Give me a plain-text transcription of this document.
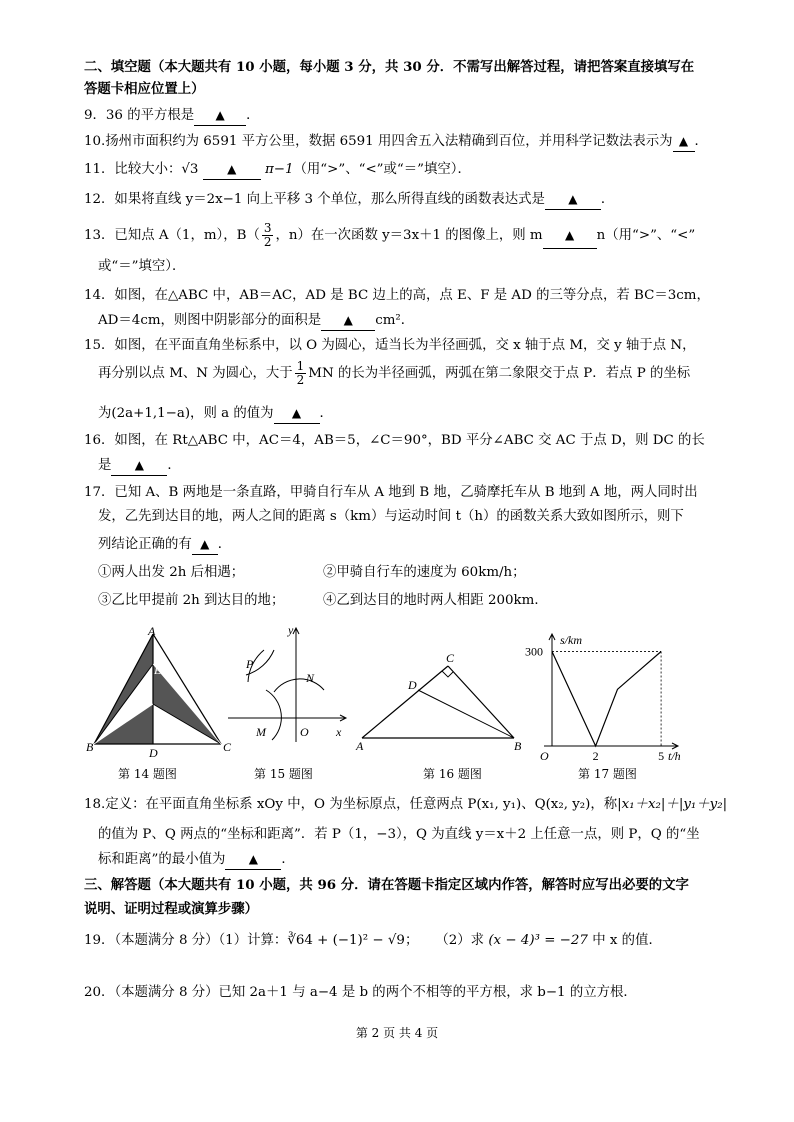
二、填空题（本大题共有 10 小题，每小题 3 分，共 30 分．不需写出解答过程，请把答案直接填写在
答题卡相应位置上）
9．36 的平方根是 ▲ ．
10.扬州市面积约为 6591 平方公里，数据 6591 用四舍五入法精确到百位，并用科学记数法表示为 ▲ ．
11．比较大小：√3 ▲ π−1（用“>”、“<”或“＝”填空）．
12．如果将直线 y＝2x−1 向上平移 3 个单位，那么所得直线的函数表达式是 ▲ ．
13．已知点 A（1，m），$B( \frac{3}{2}$ ，n）在一次函数 y＝3x＋1 的图像上，则 m ▲ n（用“>”、“<”
或“＝”填空）．
14．如图，在△ABC 中，AB＝AC，AD 是 BC 边上的高，点 E、F 是 AD 的三等分点，若 BC＝3cm，
AD＝4cm，则图中阴影部分的面积是 ▲ cm²．
15．如图，在平面直角坐标系中，以 O 为圆心，适当长为半径画弧，交 x 轴于点 M，交 y 轴于点 N，
再分别以点 M、N 为圆心，大于 $\frac{1}{2}$ MN 的长为半径画弧，两弧在第二象限交于点 P．若点 P 的坐标
为(2a+1,1−a)，则 a 的值为 ▲ ．
16．如图，在 Rt△ABC 中，AC＝4，AB＝5，∠C＝90°，BD 平分∠ABC 交 AC 于点 D，则 DC 的长
是 ▲ ．
17．已知 A、B 两地是一条直路，甲骑自行车从 A 地到 B 地，乙骑摩托车从 B 地到 A 地，两人同时出
发，乙先到达目的地，两人之间的距离 s（km）与运动时间 t（h）的函数关系大致如图所示，则下
列结论正确的有 ▲ ．
①两人出发 2h 后相遇；	②甲骑自行车的速度为 60km/h；
③乙比甲提前 2h 到达目的地；	④乙到达目的地时两人相距 200km．
A
E
F
B	D	C
第 14 题图
y
P
N
M	O x
第 15 题图
C
D
A	B
第 16 题图
s/km
300
O	2	5 t/h
第 17 题图
18.定义：在平面直角坐标系 xOy 中，O 为坐标原点，任意两点 P(x₁, y₁)、Q(x₂, y₂)，称|x₁＋x₂|＋|y₁＋y₂|
的值为 P、Q 两点的“坐标和距离”．若 P（1，−3），Q 为直线 y＝x＋2 上任意一点，则 P，Q 的“坐
标和距离”的最小值为 ▲ ．
三、解答题（本大题共有 10 小题，共 96 分．请在答题卡指定区域内作答，解答时应写出必要的文字
说明、证明过程或演算步骤）
19．（本题满分 8 分）（1）计算：∛64 + (−1)² − √9； （2）求 (x − 4)³ = −27 中 x 的值．
20．（本题满分 8 分）已知 2a＋1 与 a−4 是 b 的两个不相等的平方根，求 b−1 的立方根．
第 2 页 共 4 页
